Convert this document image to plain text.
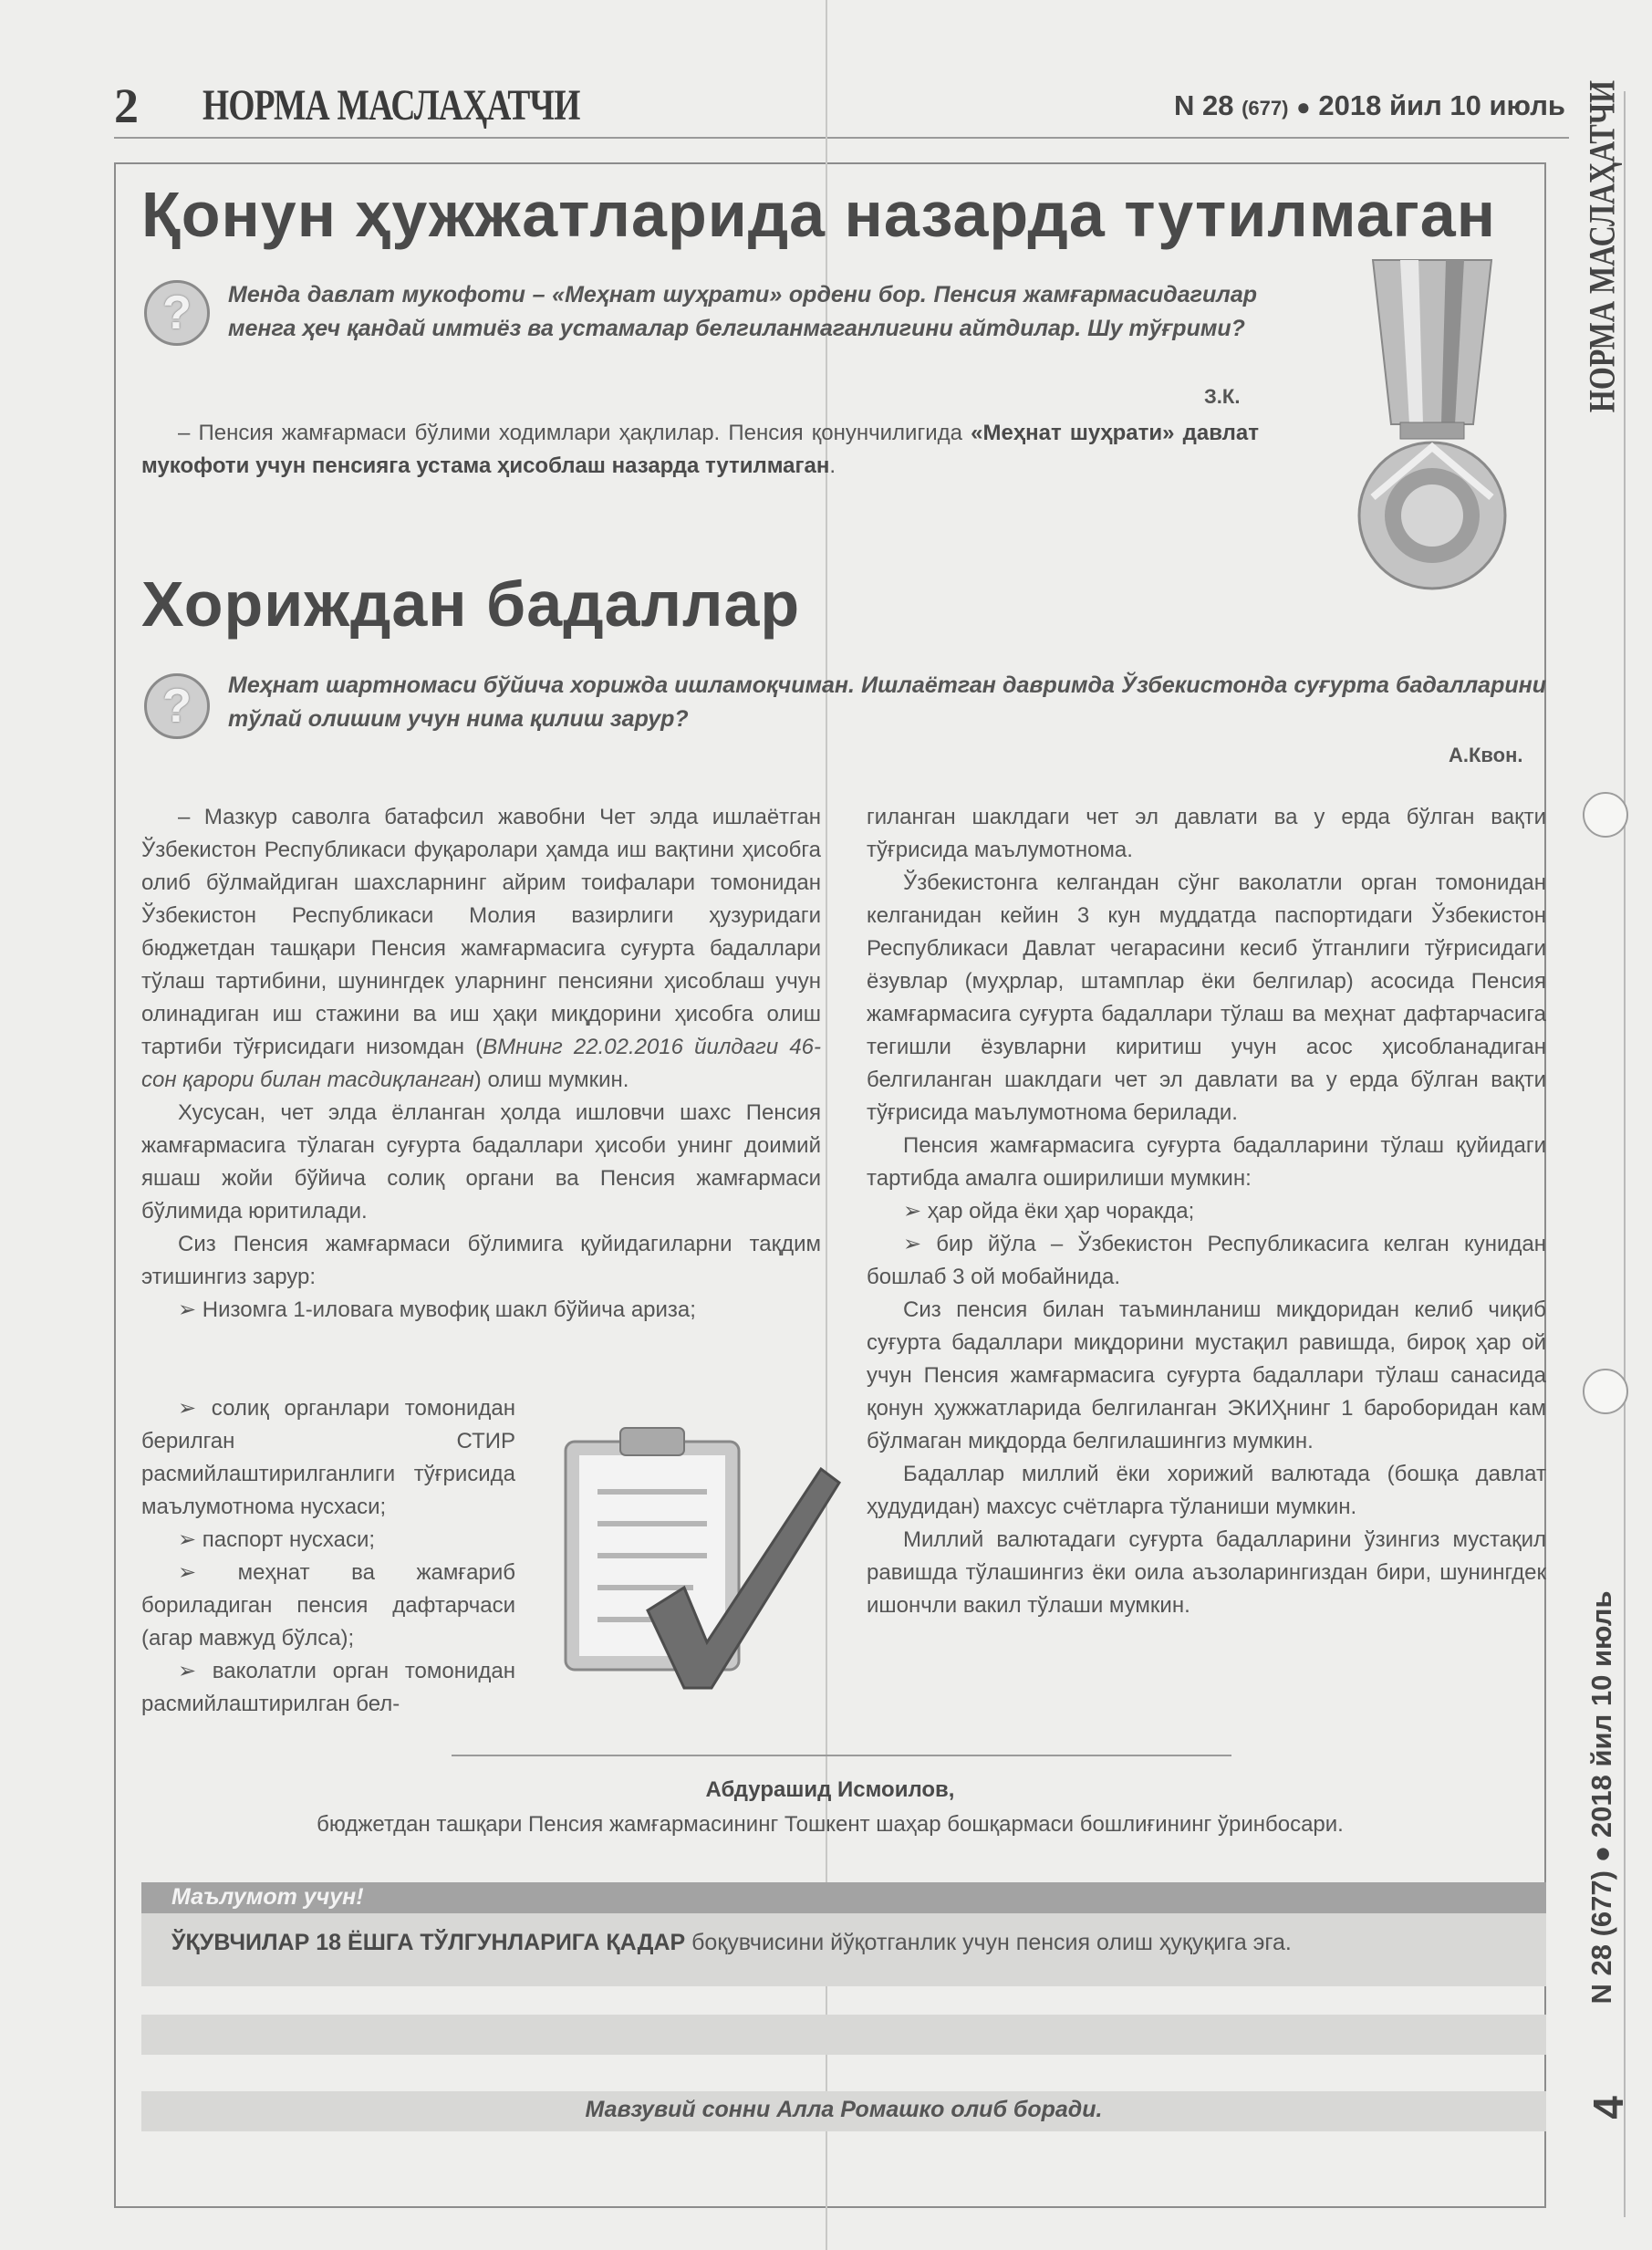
2 НОРМА МАСЛАҲАТЧИ	N 28 (677) ● 2018 йил 10 июль НОРМА МАСЛАҲАТЧИ
N 28 (677) ● 2018 йил 10 июль
4
Қонун ҳужжатларида назарда тутилмаган
?	Менда давлат мукофоти – «Меҳнат шуҳрати» ордени бор. Пенсия жамғармасидагилар менга ҳеч қандай имтиёз ва устамалар белгиланмаганлигини айтдилар. Шу тўғрими?
З.К.

– Пенсия жамғармаси бўлими ходимлари ҳақлилар. Пенсия қонунчилигида «Меҳнат шуҳрати» давлат мукофоти учун пенсияга устама ҳисоблаш назарда тутилмаган.

Хориждан бадаллар
?	Меҳнат шартномаси бўйича хорижда ишламоқчиман. Ишлаётган давримда Ўзбекистонда суғурта бадалларини тўлай олишим учун нима қилиш зарур?
А.Квон.

– Мазкур саволга батафсил жавобни Чет элда ишлаётган Ўзбекистон Республикаси фуқаролари ҳамда иш вақтини ҳисобга олиб бўлмайдиган шахсларнинг айрим тоифалари томонидан Ўзбекистон Республикаси Молия вазирлиги ҳузуридаги бюджетдан ташқари Пенсия жамғармасига суғурта бадаллари тўлаш тартибини, шунингдек уларнинг пенсияни ҳисоблаш учун олинадиган иш стажини ва иш ҳақи миқдорини ҳисобга олиш тартиби тўғрисидаги низомдан (ВМнинг 22.02.2016 йилдаги 46-сон қарори билан тасдиқланган) олиш мумкин.

Хусусан, чет элда ёлланган ҳолда ишловчи шахс Пенсия жамғармасига тўлаган суғурта бадаллари ҳисоби унинг доимий яшаш жойи бўйича солиқ органи ва Пенсия жамғармаси бўлимида юритилади.

Сиз Пенсия жамғармаси бўлимига қуйидагиларни тақдим этишингиз зарур:

➢ Низомга 1-иловага мувофиқ шакл бўйича ариза;

➢ солиқ органлари томонидан берилган СТИР расмийлаштирилганлиги тўғрисида маълумотнома нусхаси;

➢ паспорт нусхаси;

➢ меҳнат ва жамғариб бориладиган пенсия дафтарчаси (агар мавжуд бўлса);

➢ ваколатли орган томонидан расмийлаштирилган бел-

гиланган шаклдаги чет эл давлати ва у ерда бўлган вақти тўғрисида маълумотнома.

Ўзбекистонга келгандан сўнг ваколатли орган томонидан келганидан кейин 3 кун муддатда паспортидаги Ўзбекистон Республикаси Давлат чегарасини кесиб ўтганлиги тўғрисидаги ёзувлар (муҳрлар, штамплар ёки белгилар) асосида Пенсия жамғармасига суғурта бадаллари тўлаш ва меҳнат дафтарчасига тегишли ёзувларни киритиш учун асос ҳисобланадиган белгиланган шаклдаги чет эл давлати ва у ерда бўлган вақти тўғрисида маълумотнома берилади.

Пенсия жамғармасига суғурта бадалларини тўлаш қуйидаги тартибда амалга оширилиши мумкин:

➢ ҳар ойда ёки ҳар чоракда;

➢ бир йўла – Ўзбекистон Республикасига келган кунидан бошлаб 3 ой мобайнида.

Сиз пенсия билан таъминланиш миқдоридан келиб чиқиб суғурта бадаллари миқдорини мустақил равишда, бироқ ҳар ой учун Пенсия жамғармасига суғурта бадаллари тўлаш санасида қонун ҳужжатларида белгиланган ЭКИҲнинг 1 бароборидан кам бўлмаган миқдорда белгилашингиз мумкин.

Бадаллар миллий ёки хорижий валютада (бошқа давлат ҳудудидан) махсус счётларга тўланиши мумкин.

Миллий валютадаги суғурта бадалларини ўзингиз мустақил равишда тўлашингиз ёки оила аъзоларингиздан бири, шунингдек ишончли вакил тўлаши мумкин.

Абдурашид Исмоилов,
бюджетдан ташқари Пенсия жамғармасининг Тошкент шаҳар бошқармаси бошлиғининг ўринбосари.
Маълумот учун!
ЎҚУВЧИЛАР 18 ЁШГА ТЎЛГУНЛАРИГА ҚАДАР боқувчисини йўқотганлик учун пенсия олиш ҳуқуқига эга.
Мавзувий сонни Алла Ромашко олиб боради.
